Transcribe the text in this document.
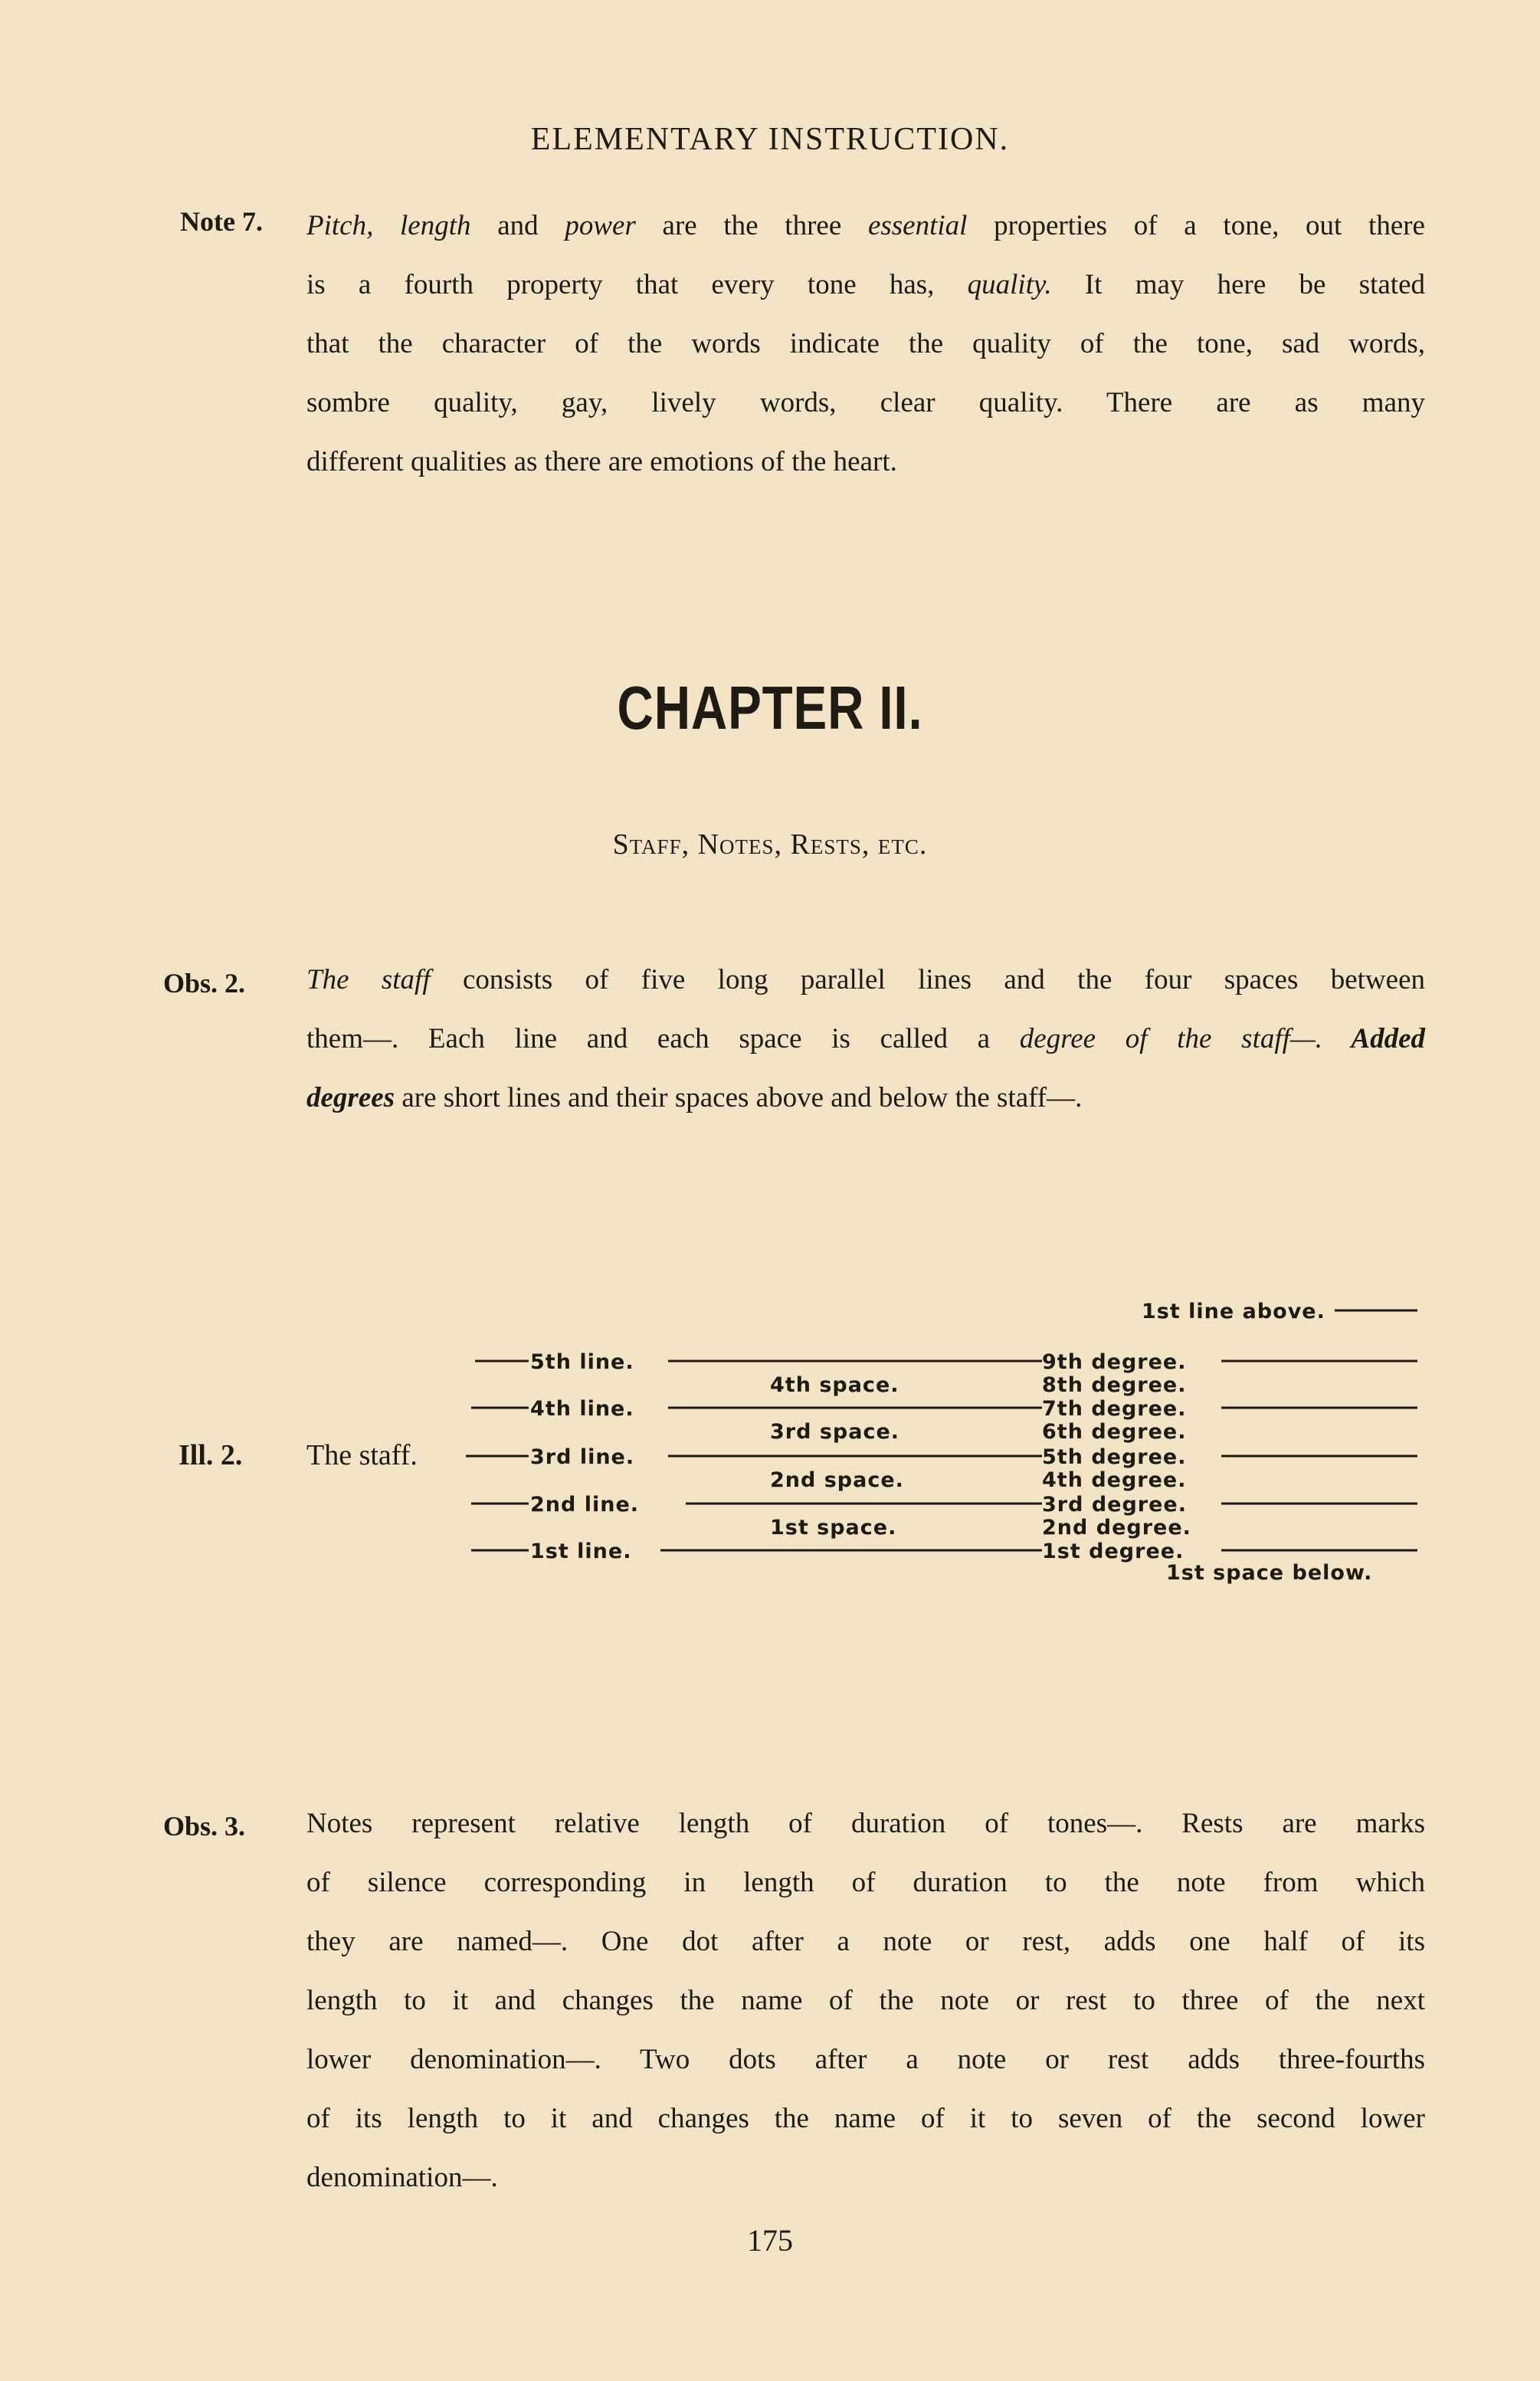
ELEMENTARY INSTRUCTION.
Note 7. Pitch, length and power are the three essential properties of a tone, out there
is a fourth property that every tone has, quality. It may here be stated
that the character of the words indicate the quality of the tone, sad words,
sombre quality, gay, lively words, clear quality. There are as many
different qualities as there are emotions of the heart.
CHAPTER II.
Staff, Notes, Rests, etc.
Obs. 2. The staff consists of five long parallel lines and the four spaces between
them—. Each line and each space is called a degree of the staff—. Added
degrees are short lines and their spaces above and below the staff—.
Ill. 2. The staff.
1st line above.
5th line.
4th line.
3rd line.
2nd line.
1st line.
4th space.
3rd space.
2nd space.
1st space.
9th degree.
8th degree.
7th degree.
6th degree.
5th degree.
4th degree.
3rd degree.
2nd degree.
1st degree.
1st space below.
Obs. 3. Notes represent relative length of duration of tones—. Rests are marks
of silence corresponding in length of duration to the note from which
they are named—. One dot after a note or rest, adds one half of its
length to it and changes the name of the note or rest to three of the next
lower denomination—. Two dots after a note or rest adds three-fourths
of its length to it and changes the name of it to seven of the second lower
denomination—.
175
